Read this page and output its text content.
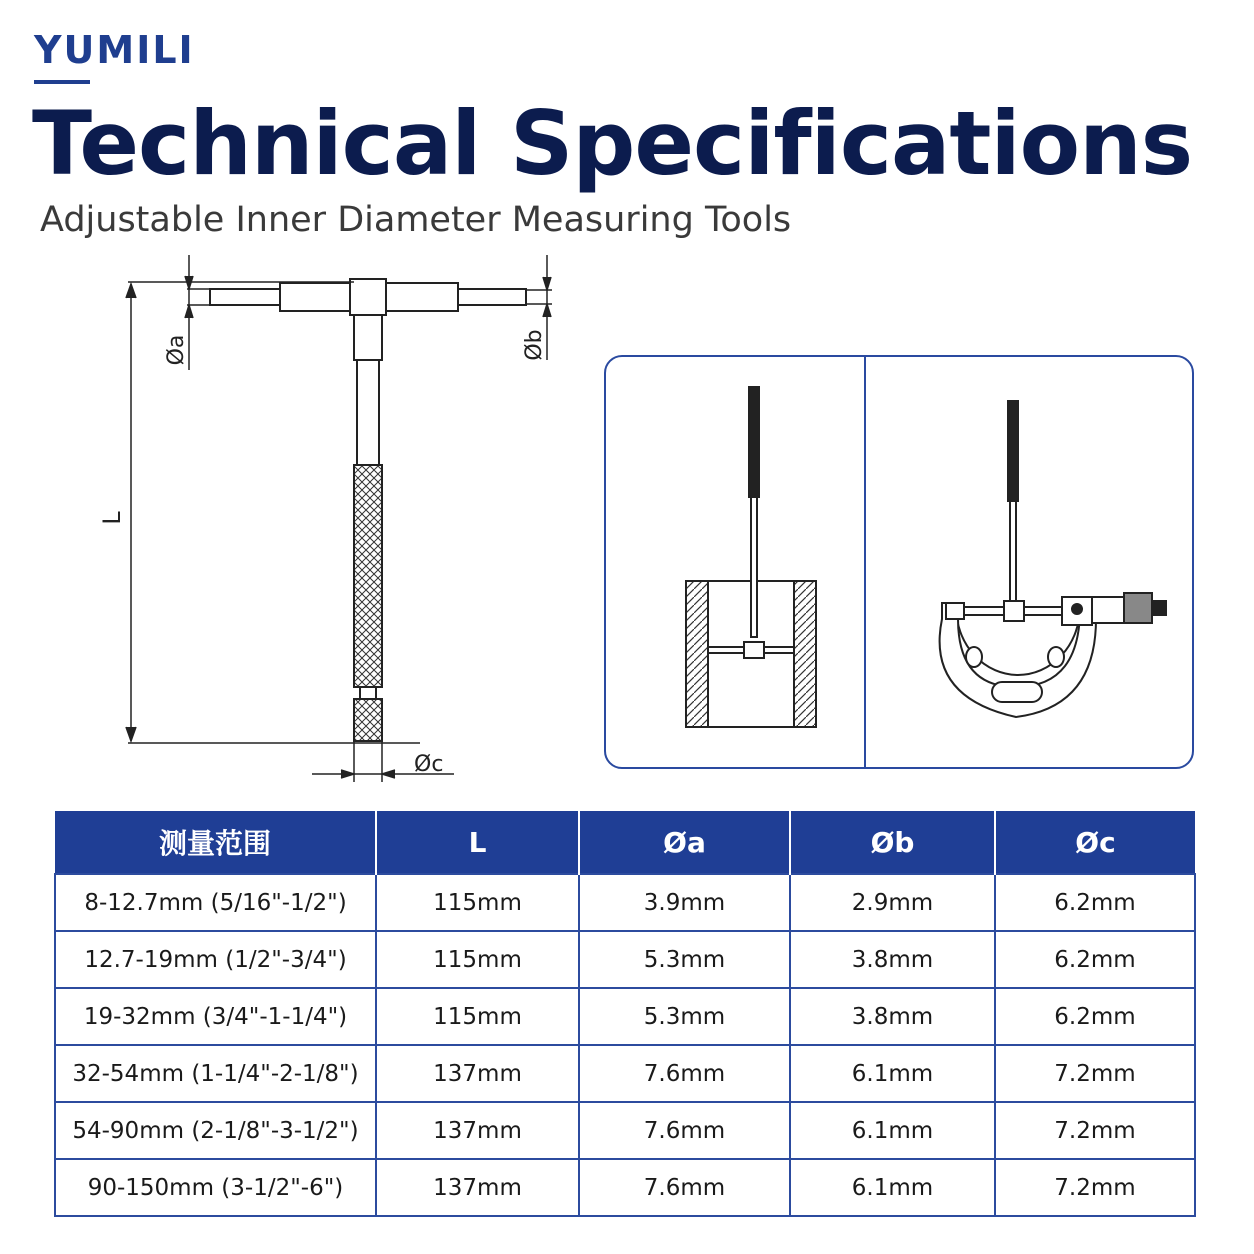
YUMILI
Technical Specifications
Adjustable Inner Diameter Measuring Tools
L
Øa	Øb
Øc
测量范围	L	Øa	Øb	Øc
8-12.7mm (5/16"-1/2")	115mm	3.9mm	2.9mm	6.2mm
12.7-19mm (1/2"-3/4")	115mm	5.3mm	3.8mm	6.2mm
19-32mm (3/4"-1-1/4")	115mm	5.3mm	3.8mm	6.2mm
32-54mm (1-1/4"-2-1/8")	137mm	7.6mm	6.1mm	7.2mm
54-90mm (2-1/8"-3-1/2")	137mm	7.6mm	6.1mm	7.2mm
90-150mm (3-1/2"-6")	137mm	7.6mm	6.1mm	7.2mm
